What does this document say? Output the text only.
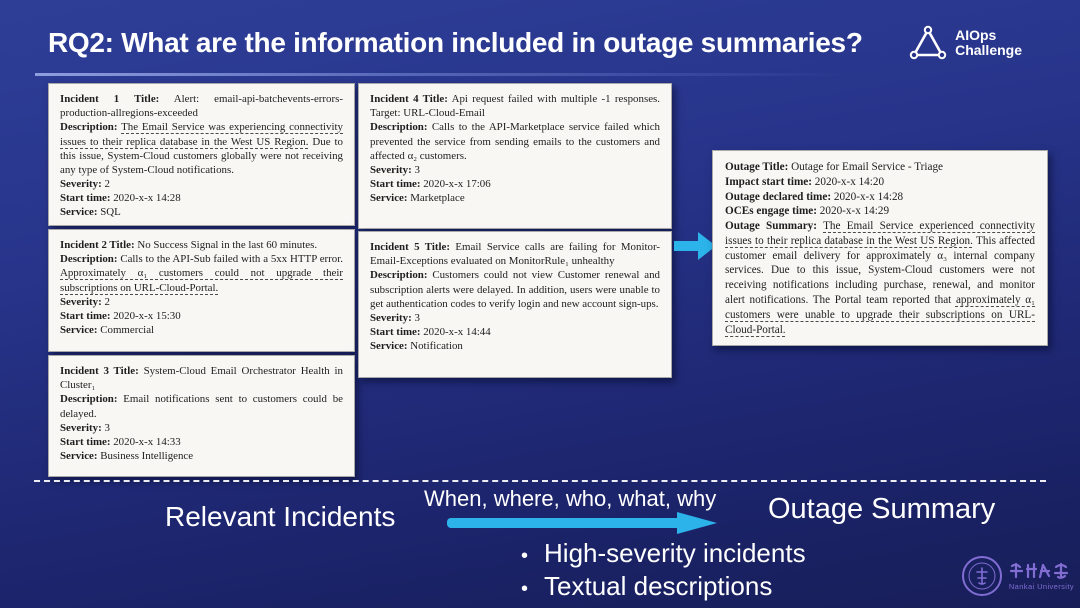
RQ2: What are the information included in outage summaries?	AIOps
Challenge

Incident 1 Title: Alert: email-api-batchevents-errors-production-allregions-exceeded

Description: The Email Service was experiencing connectivity issues to their replica database in the West US Region. Due to this issue, System-Cloud customers globally were not receiving any type of System-Cloud notifications.

Severity: 2

Start time: 2020-x-x 14:28

Service: SQL

Incident 2 Title: No Success Signal in the last 60 minutes.

Description: Calls to the API-Sub failed with a 5xx HTTP error. Approximately α₁ customers could not upgrade their subscriptions on URL-Cloud-Portal.

Severity: 2

Start time: 2020-x-x 15:30

Service: Commercial

Incident 3 Title: System-Cloud Email Orchestrator Health in Cluster₁

Description: Email notifications sent to customers could be delayed.

Severity: 3

Start time: 2020-x-x 14:33

Service: Business Intelligence

Incident 4 Title: Api request failed with multiple -1 responses. Target: URL-Cloud-Email

Description: Calls to the API-Marketplace service failed which prevented the service from sending emails to the customers and affected α₂ customers.

Severity: 3

Start time: 2020-x-x 17:06

Service: Marketplace

Incident 5 Title: Email Service calls are failing for Monitor-Email-Exceptions evaluated on MonitorRule₁ unhealthy

Description: Customers could not view Customer renewal and subscription alerts were delayed. In addition, users were unable to get authentication codes to verify login and new account sign-ups.

Severity: 3

Start time: 2020-x-x 14:44

Service: Notification

Outage Title: Outage for Email Service - Triage

Impact start time: 2020-x-x 14:20

Outage declared time: 2020-x-x 14:28

OCEs engage time: 2020-x-x 14:29

Outage Summary: The Email Service experienced connectivity issues to their replica database in the West US Region. This affected customer email delivery for approximately α₃ internal company services. Due to this issue, System-Cloud customers were not receiving notifications including purchase, renewal, and monitor alert notifications. The Portal team reported that approximately α₁ customers were unable to upgrade their subscriptions on URL-Cloud-Portal.

Relevant Incidents
When, where, who, what, why Outage Summary
• High-severity incidents
• Textual descriptions	Nankai University
